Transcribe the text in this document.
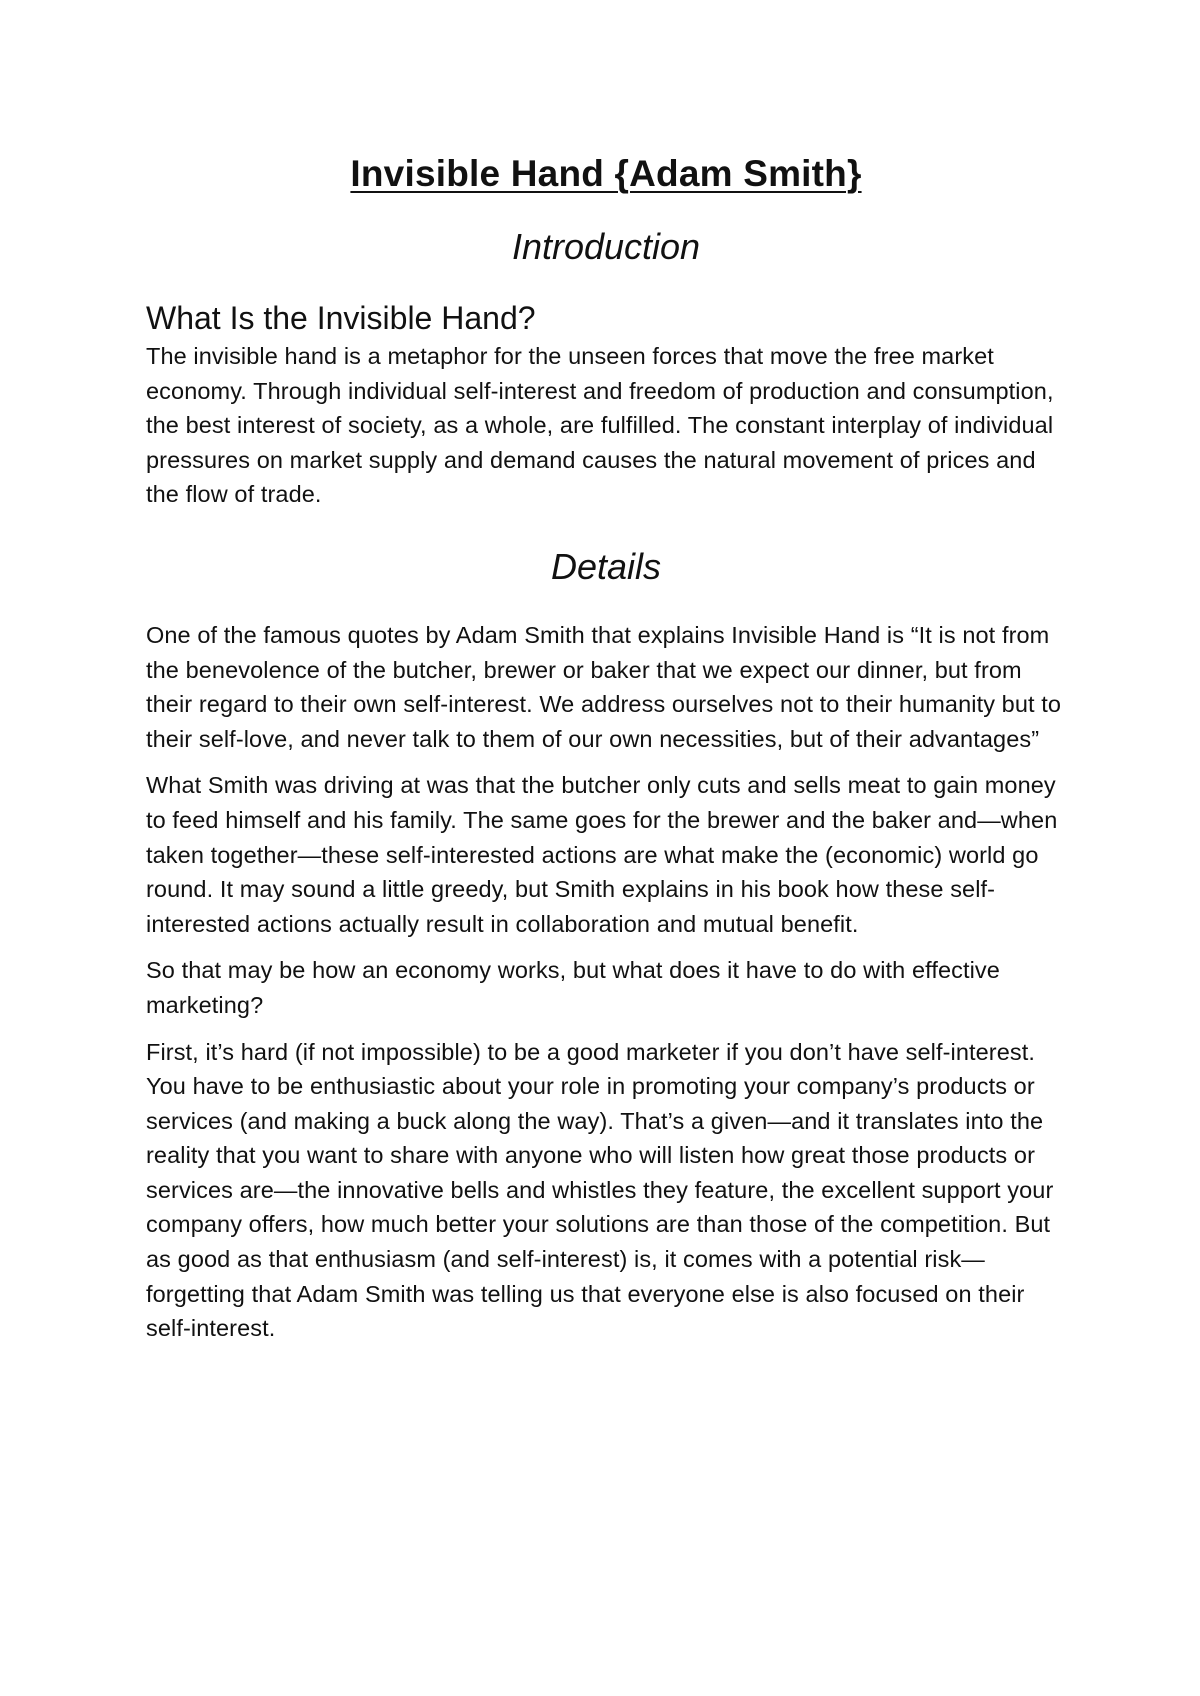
Invisible Hand {Adam Smith}
Introduction
What Is the Invisible Hand?

The invisible hand is a metaphor for the unseen forces that move the free market economy. Through individual self-interest and freedom of production and consumption, the best interest of society, as a whole, are fulfilled. The constant interplay of individual pressures on market supply and demand causes the natural movement of prices and the flow of trade.

Details

One of the famous quotes by Adam Smith that explains Invisible Hand is “It is not from the benevolence of the butcher, brewer or baker that we expect our dinner, but from their regard to their own self-interest. We address ourselves not to their humanity but to their self-love, and never talk to them of our own necessities, but of their advantages”

What Smith was driving at was that the butcher only cuts and sells meat to gain money to feed himself and his family. The same goes for the brewer and the baker and—when taken together—these self-interested actions are what make the (economic) world go round. It may sound a little greedy, but Smith explains in his book how these self-interested actions actually result in collaboration and mutual benefit.

So that may be how an economy works, but what does it have to do with effective marketing?

First, it’s hard (if not impossible) to be a good marketer if you don’t have self-interest. You have to be enthusiastic about your role in promoting your company’s products or services (and making a buck along the way). That’s a given—and it translates into the reality that you want to share with anyone who will listen how great those products or services are—the innovative bells and whistles they feature, the excellent support your company offers, how much better your solutions are than those of the competition. But as good as that enthusiasm (and self-interest) is, it comes with a potential risk—forgetting that Adam Smith was telling us that everyone else is also focused on their self-interest.
